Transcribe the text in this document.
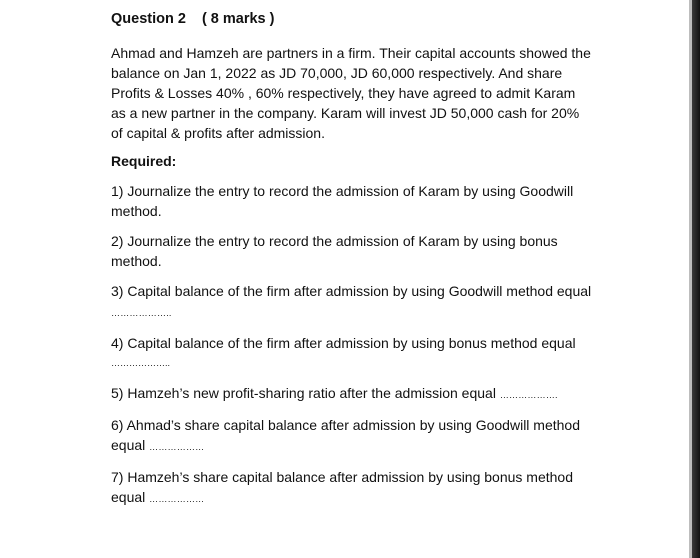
Question 2 ( 8 marks )

Ahmad and Hamzeh are partners in a firm. Their capital accounts showed the balance on Jan 1, 2022 as JD 70,000, JD 60,000 respectively. And share Profits & Losses 40% , 60% respectively, they have agreed to admit Karam as a new partner in the company. Karam will invest JD 50,000 cash for 20% of capital & profits after admission.

Required:

1) Journalize the entry to record the admission of Karam by using Goodwill method.

2) Journalize the entry to record the admission of Karam by using bonus method.

3) Capital balance of the firm after admission by using Goodwill method equal ………………..

4) Capital balance of the firm after admission by using bonus method equal
………………..

5) Hamzeh’s new profit-sharing ratio after the admission equal ……………….

6) Ahmad’s share capital balance after admission by using Goodwill method equal ………………

7) Hamzeh’s share capital balance after admission by using bonus method equal ………………
